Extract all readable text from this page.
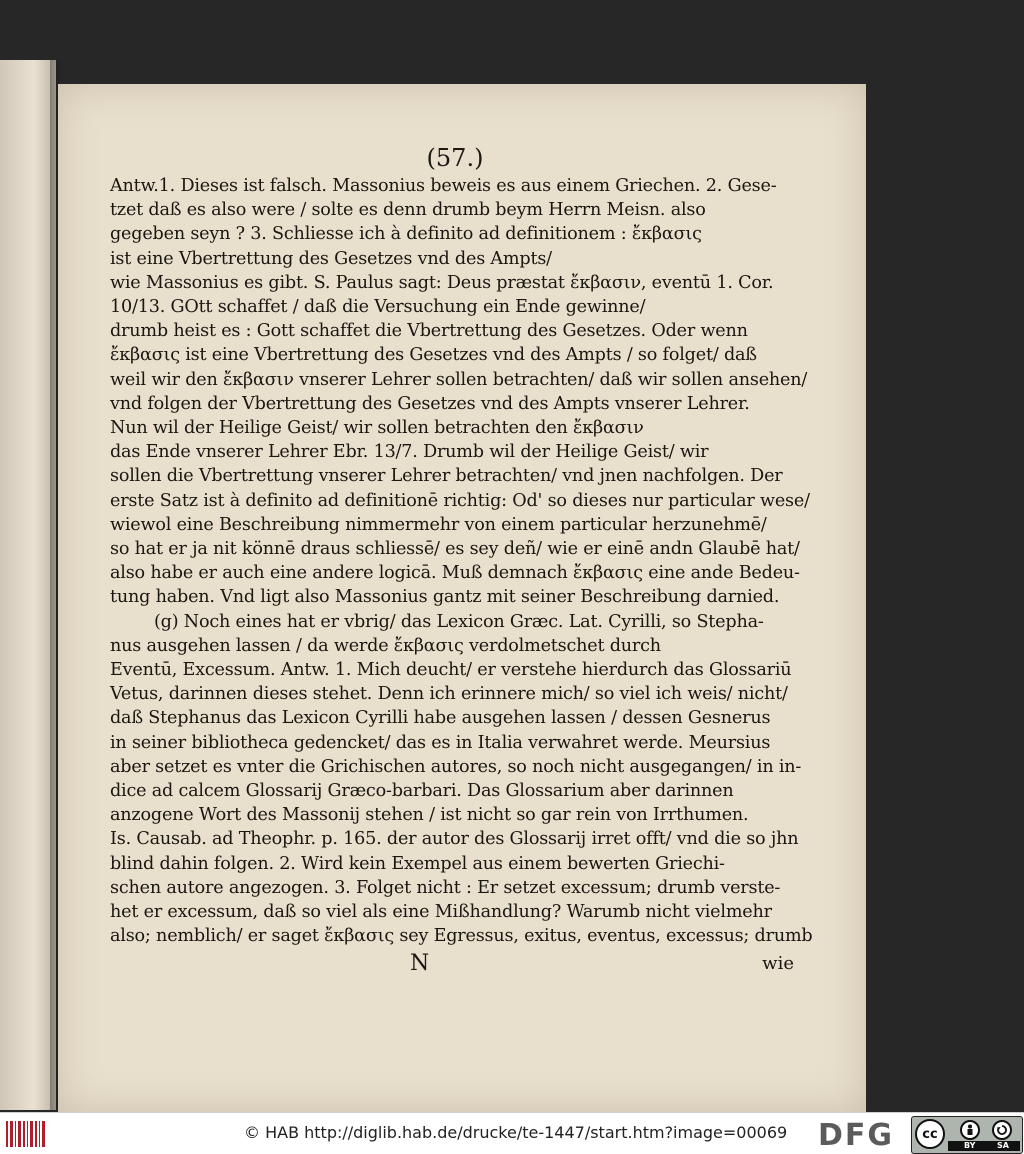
(57.)
Antw.1. Dieses ist falsch. Massonius beweis es aus einem Griechen. 2. Gese-
tzet daß es also were / solte es denn drumb beym Herrn Meisn. also
gegeben seyn ? 3. Schliesse ich à definito ad definitionem : ἔκβασις
ist eine Vbertrettung des Gesetzes vnd des Ampts/
wie Massonius es gibt. S. Paulus sagt: Deus præstat ἔκβασιν, eventū 1. Cor.
10/13. GOtt schaffet / daß die Versuchung ein Ende gewinne/
drumb heist es : Gott schaffet die Vbertrettung des Gesetzes. Oder wenn
ἔκβασις ist eine Vbertrettung des Gesetzes vnd des Ampts / so folget/ daß
weil wir den ἔκβασιν vnserer Lehrer sollen betrachten/ daß wir sollen ansehen/
vnd folgen der Vbertrettung des Gesetzes vnd des Ampts vnserer Lehrer.
Nun wil der Heilige Geist/ wir sollen betrachten den ἔκβασιν
das Ende vnserer Lehrer Ebr. 13/7. Drumb wil der Heilige Geist/ wir
sollen die Vbertrettung vnserer Lehrer betrachten/ vnd jnen nachfolgen. Der
erste Satz ist à definito ad definitionē richtig: Od' so dieses nur particular wese/
wiewol eine Beschreibung nimmermehr von einem particular herzunehmē/
so hat er ja nit könnē draus schliessē/ es sey deñ/ wie er einē andn Glaubē hat/
also habe er auch eine andere logicā. Muß demnach ἔκβασις eine ande Bedeu-
tung haben. Vnd ligt also Massonius gantz mit seiner Beschreibung darnied.
(g) Noch eines hat er vbrig/ das Lexicon Græc. Lat. Cyrilli, so Stepha-
nus ausgehen lassen / da werde ἔκβασις verdolmetschet durch
Eventū, Excessum. Antw. 1. Mich deucht/ er verstehe hierdurch das Glossariū
Vetus, darinnen dieses stehet. Denn ich erinnere mich/ so viel ich weis/ nicht/
daß Stephanus das Lexicon Cyrilli habe ausgehen lassen / dessen Gesnerus
in seiner bibliotheca gedencket/ das es in Italia verwahret werde. Meursius
aber setzet es vnter die Grichischen autores, so noch nicht ausgegangen/ in in-
dice ad calcem Glossarij Græco-barbari. Das Glossarium aber darinnen
anzogene Wort des Massonij stehen / ist nicht so gar rein von Irrthumen.
Is. Causab. ad Theophr. p. 165. der autor des Glossarij irret offt/ vnd die so jhn
blind dahin folgen. 2. Wird kein Exempel aus einem bewerten Griechi-
schen autore angezogen. 3. Folget nicht : Er setzet excessum; drumb verste-
het er excessum, daß so viel als eine Mißhandlung? Warumb nicht vielmehr
also; nemblich/ er saget ἔκβασις sey Egressus, exitus, eventus, excessus; drumb
N	wie
© HAB http://diglib.hab.de/drucke/te-1447/start.htm?image=00069 DFG	cc
BY	SA
